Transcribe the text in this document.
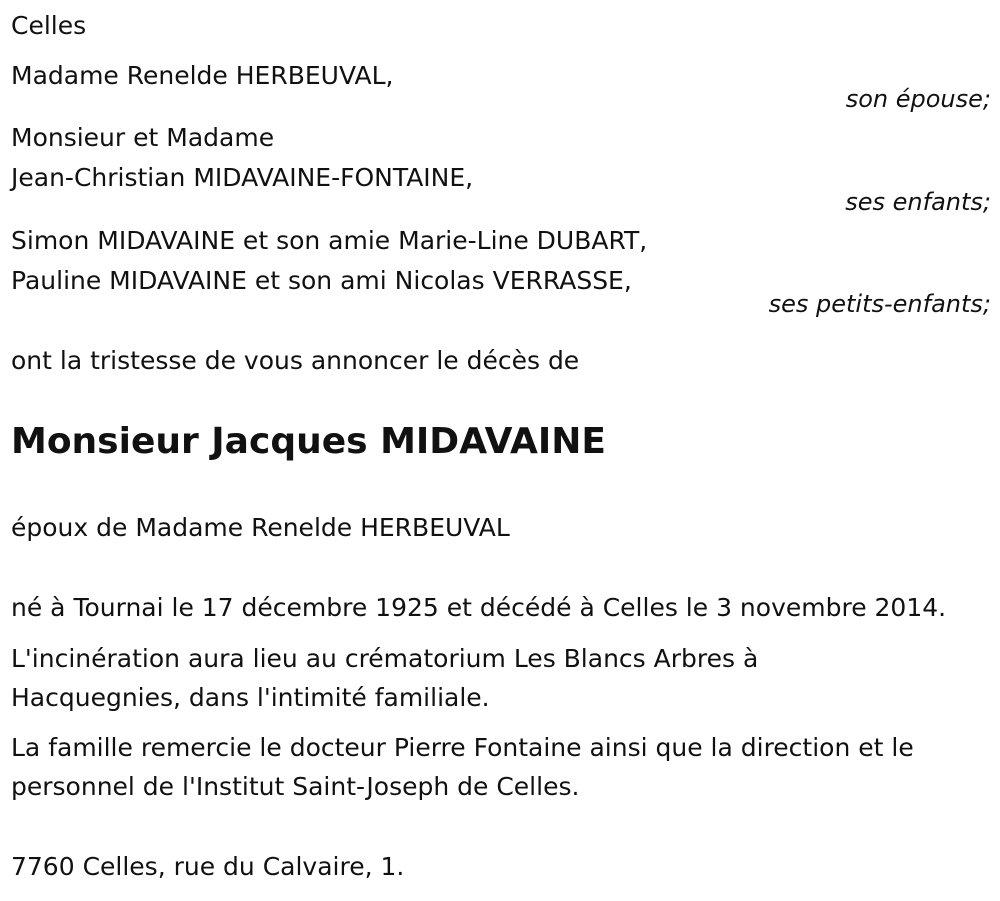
Celles
Madame Renelde HERBEUVAL,
son épouse;
Monsieur et Madame
Jean-Christian MIDAVAINE-FONTAINE,
ses enfants;
Simon MIDAVAINE et son amie Marie-Line DUBART,
Pauline MIDAVAINE et son ami Nicolas VERRASSE,
ses petits-enfants;
ont la tristesse de vous annoncer le décès de
Monsieur Jacques MIDAVAINE
époux de Madame Renelde HERBEUVAL
né à Tournai le 17 décembre 1925 et décédé à Celles le 3 novembre 2014.
L'incinération aura lieu au crématorium Les Blancs Arbres à
Hacquegnies, dans l'intimité familiale.
La famille remercie le docteur Pierre Fontaine ainsi que la direction et le
personnel de l'Institut Saint-Joseph de Celles.
7760 Celles, rue du Calvaire, 1.
